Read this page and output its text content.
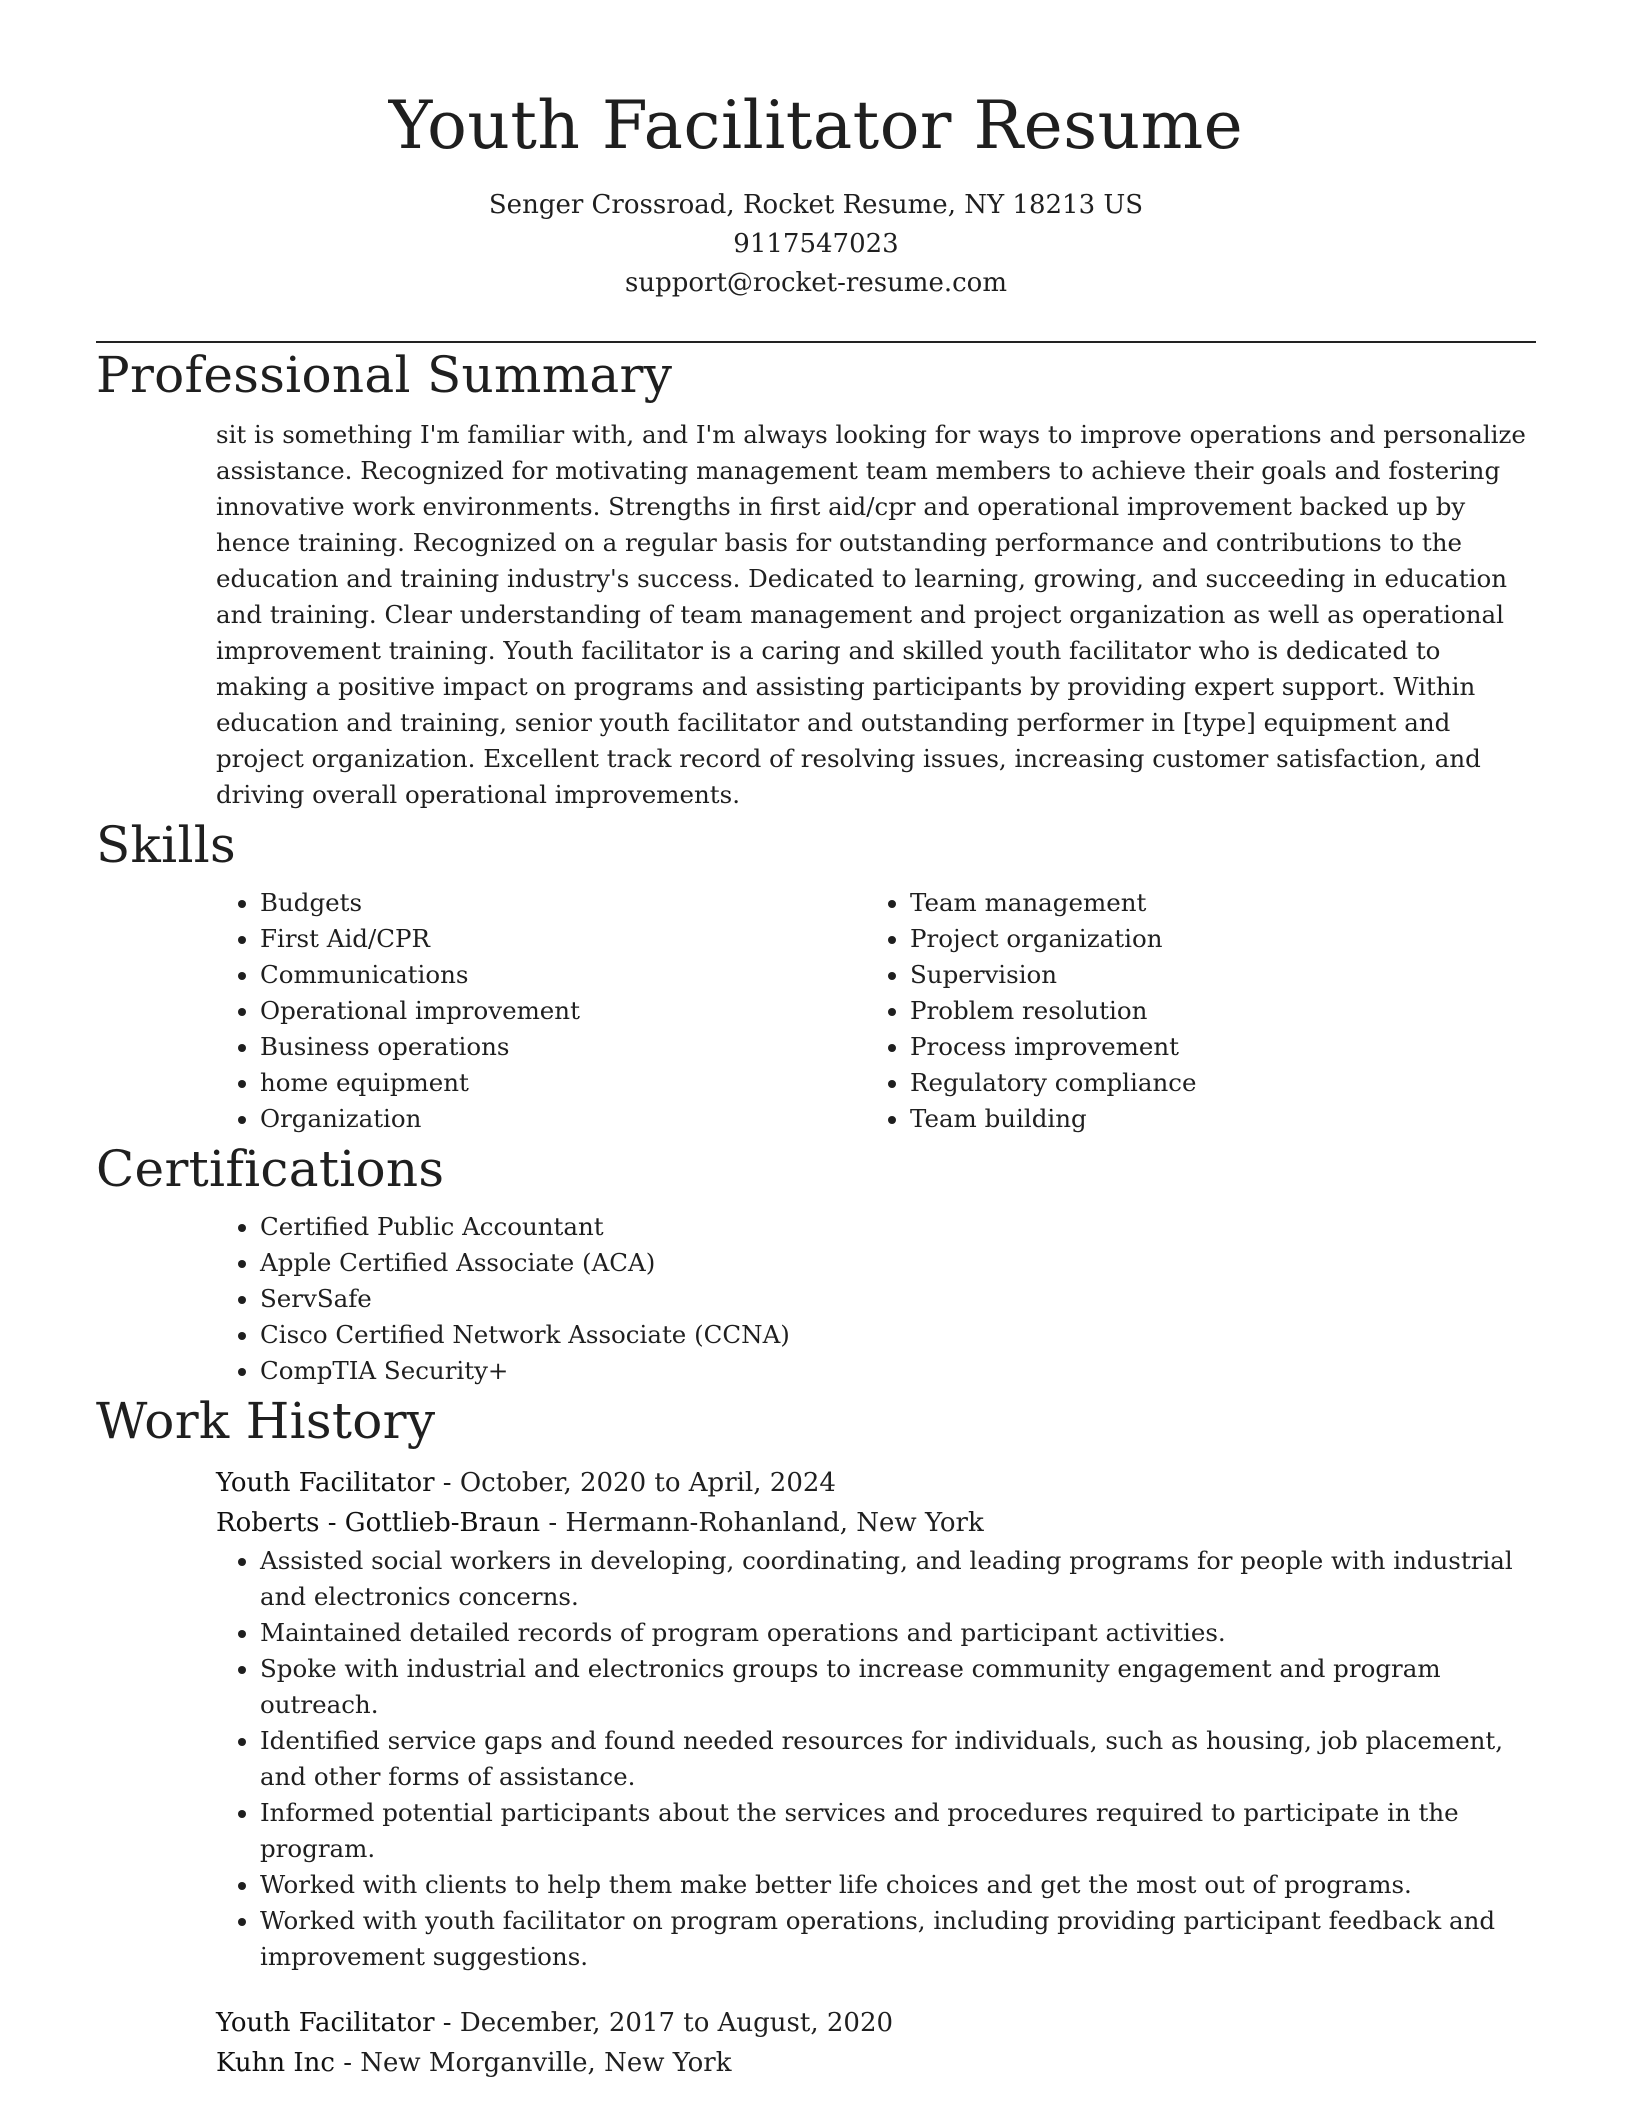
Youth Facilitator Resume
Senger Crossroad, Rocket Resume, NY 18213 US
9117547023
support@rocket-resume.com
Professional Summary
sit is something I'm familiar with, and I'm always looking for ways to improve operations and personalize assistance. Recognized for motivating management team members to achieve their goals and fostering innovative work environments. Strengths in first aid/cpr and operational improvement backed up by hence training. Recognized on a regular basis for outstanding performance and contributions to the education and training industry's success. Dedicated to learning, growing, and succeeding in education and training. Clear understanding of team management and project organization as well as operational improvement training. Youth facilitator is a caring and skilled youth facilitator who is dedicated to making a positive impact on programs and assisting participants by providing expert support. Within education and training, senior youth facilitator and outstanding performer in [type] equipment and project organization. Excellent track record of resolving issues, increasing customer satisfaction, and driving overall operational improvements.
Skills
• Budgets
• First Aid/CPR
• Communications
• Operational improvement
• Business operations
• home equipment
• Organization
• Team management
• Project organization
• Supervision
• Problem resolution
• Process improvement
• Regulatory compliance
• Team building
Certifications
• Certified Public Accountant
• Apple Certified Associate (ACA)
• ServSafe
• Cisco Certified Network Associate (CCNA)
• CompTIA Security+
Work History
Youth Facilitator - October, 2020 to April, 2024
Roberts - Gottlieb-Braun - Hermann-Rohanland, New York
• Assisted social workers in developing, coordinating, and leading programs for people with industrial and electronics concerns.
• Maintained detailed records of program operations and participant activities.
• Spoke with industrial and electronics groups to increase community engagement and program outreach.
• Identified service gaps and found needed resources for individuals, such as housing, job placement, and other forms of assistance.
• Informed potential participants about the services and procedures required to participate in the program.
• Worked with clients to help them make better life choices and get the most out of programs.
• Worked with youth facilitator on program operations, including providing participant feedback and improvement suggestions.
Youth Facilitator - December, 2017 to August, 2020
Kuhn Inc - New Morganville, New York
